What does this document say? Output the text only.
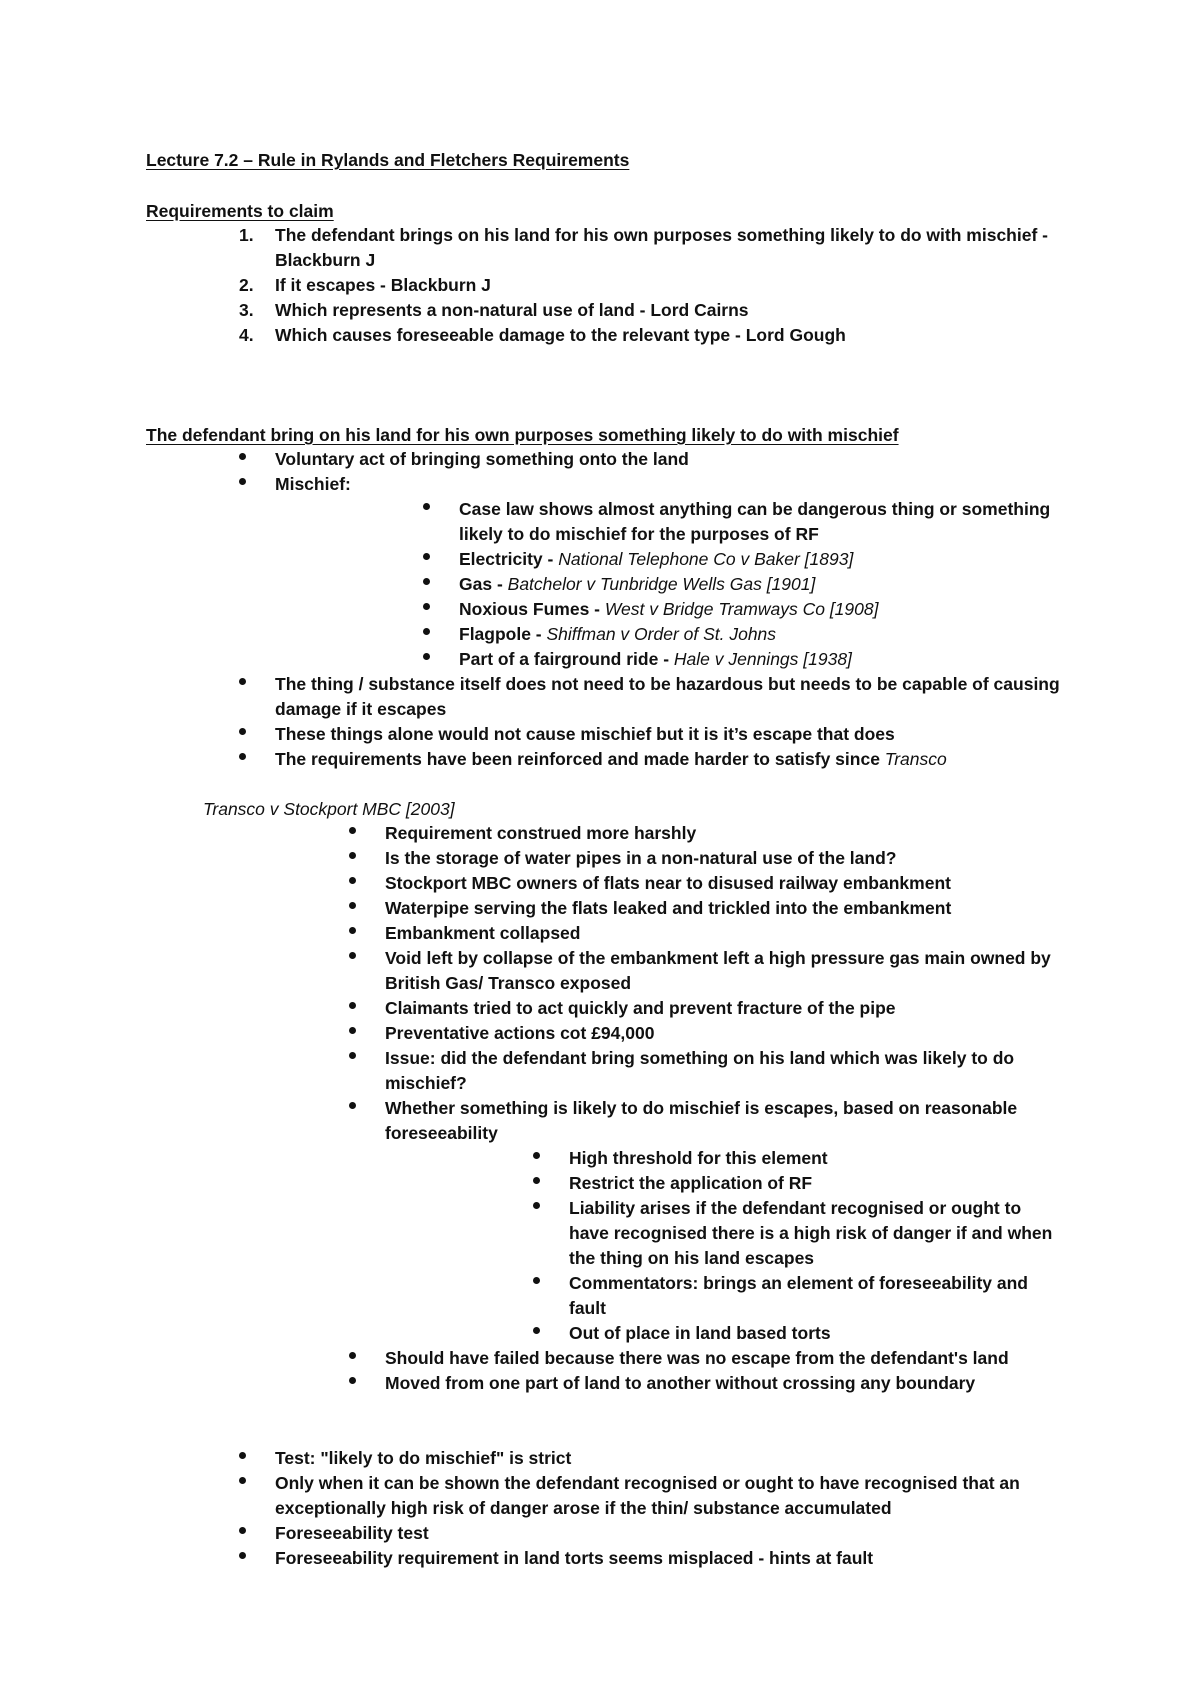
Lecture 7.2 – Rule in Rylands and Fletchers Requirements
Requirements to claim
1. The defendant brings on his land for his own purposes something likely to do with mischief -
Blackburn J
2. If it escapes - Blackburn J
3. Which represents a non-natural use of land - Lord Cairns
4. Which causes foreseeable damage to the relevant type - Lord Gough
The defendant bring on his land for his own purposes something likely to do with mischief
Voluntary act of bringing something onto the land
Mischief:
Case law shows almost anything can be dangerous thing or something
likely to do mischief for the purposes of RF
Electricity - National Telephone Co v Baker [1893]
Gas - Batchelor v Tunbridge Wells Gas [1901]
Noxious Fumes - West v Bridge Tramways Co [1908]
Flagpole - Shiffman v Order of St. Johns
Part of a fairground ride - Hale v Jennings [1938]
The thing / substance itself does not need to be hazardous but needs to be capable of causing
damage if it escapes
These things alone would not cause mischief but it is it’s escape that does
The requirements have been reinforced and made harder to satisfy since Transco
Transco v Stockport MBC [2003]
Requirement construed more harshly
Is the storage of water pipes in a non-natural use of the land?
Stockport MBC owners of flats near to disused railway embankment
Waterpipe serving the flats leaked and trickled into the embankment
Embankment collapsed
Void left by collapse of the embankment left a high pressure gas main owned by
British Gas/ Transco exposed
Claimants tried to act quickly and prevent fracture of the pipe
Preventative actions cot £94,000
Issue: did the defendant bring something on his land which was likely to do
mischief?
Whether something is likely to do mischief is escapes, based on reasonable
foreseeability
High threshold for this element
Restrict the application of RF
Liability arises if the defendant recognised or ought to
have recognised there is a high risk of danger if and when
the thing on his land escapes
Commentators: brings an element of foreseeability and
fault
Out of place in land based torts
Should have failed because there was no escape from the defendant's land
Moved from one part of land to another without crossing any boundary
Test: "likely to do mischief" is strict
Only when it can be shown the defendant recognised or ought to have recognised that an
exceptionally high risk of danger arose if the thin/ substance accumulated
Foreseeability test
Foreseeability requirement in land torts seems misplaced - hints at fault
